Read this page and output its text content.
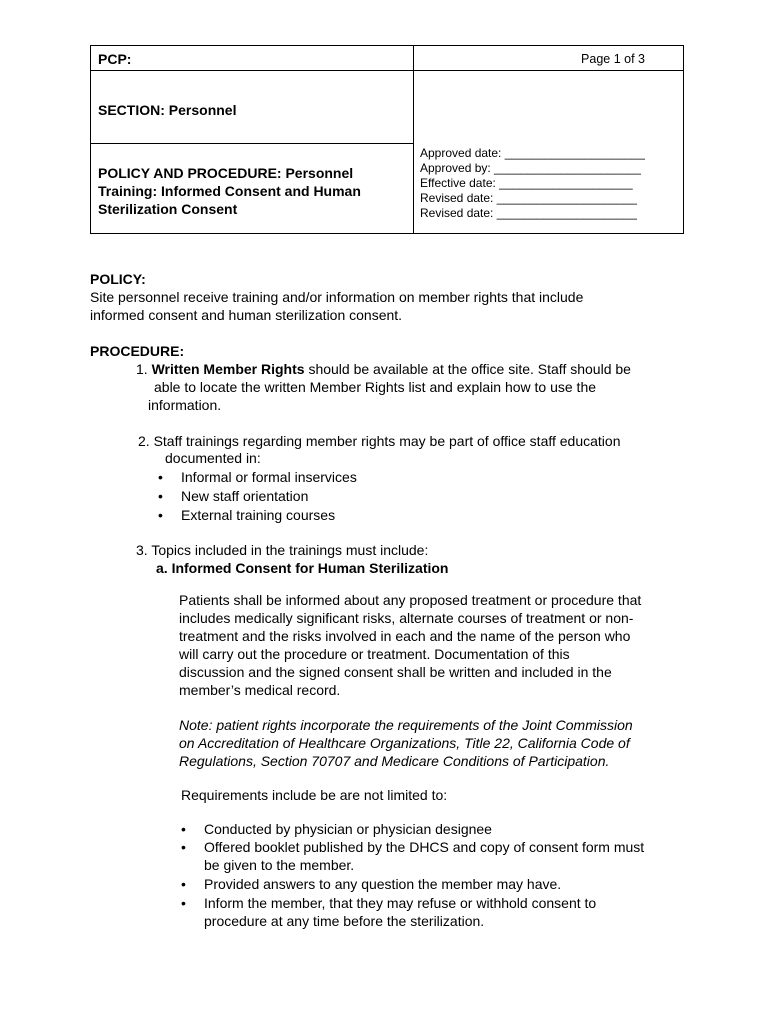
PCP:	Page 1 of 3
SECTION: Personnel
POLICY AND PROCEDURE: Personnel
Training: Informed Consent and Human
Sterilization Consent
Approved date: _____________________
Approved by: ______________________
Effective date: ____________________
Revised date: _____________________
Revised date: _____________________
POLICY:
Site personnel receive training and/or information on member rights that include
informed consent and human sterilization consent.
PROCEDURE:
1. Written Member Rights should be available at the office site. Staff should be
able to locate the written Member Rights list and explain how to use the
information.
2. Staff trainings regarding member rights may be part of office staff education
documented in:
• Informal or formal inservices
• New staff orientation
• External training courses
3. Topics included in the trainings must include:
a. Informed Consent for Human Sterilization
Patients shall be informed about any proposed treatment or procedure that
includes medically significant risks, alternate courses of treatment or non-
treatment and the risks involved in each and the name of the person who
will carry out the procedure or treatment. Documentation of this
discussion and the signed consent shall be written and included in the
member’s medical record.
Note: patient rights incorporate the requirements of the Joint Commission
on Accreditation of Healthcare Organizations, Title 22, California Code of
Regulations, Section 70707 and Medicare Conditions of Participation.
Requirements include be are not limited to:
• Conducted by physician or physician designee
• Offered booklet published by the DHCS and copy of consent form must
be given to the member.
• Provided answers to any question the member may have.
• Inform the member, that they may refuse or withhold consent to
procedure at any time before the sterilization.
